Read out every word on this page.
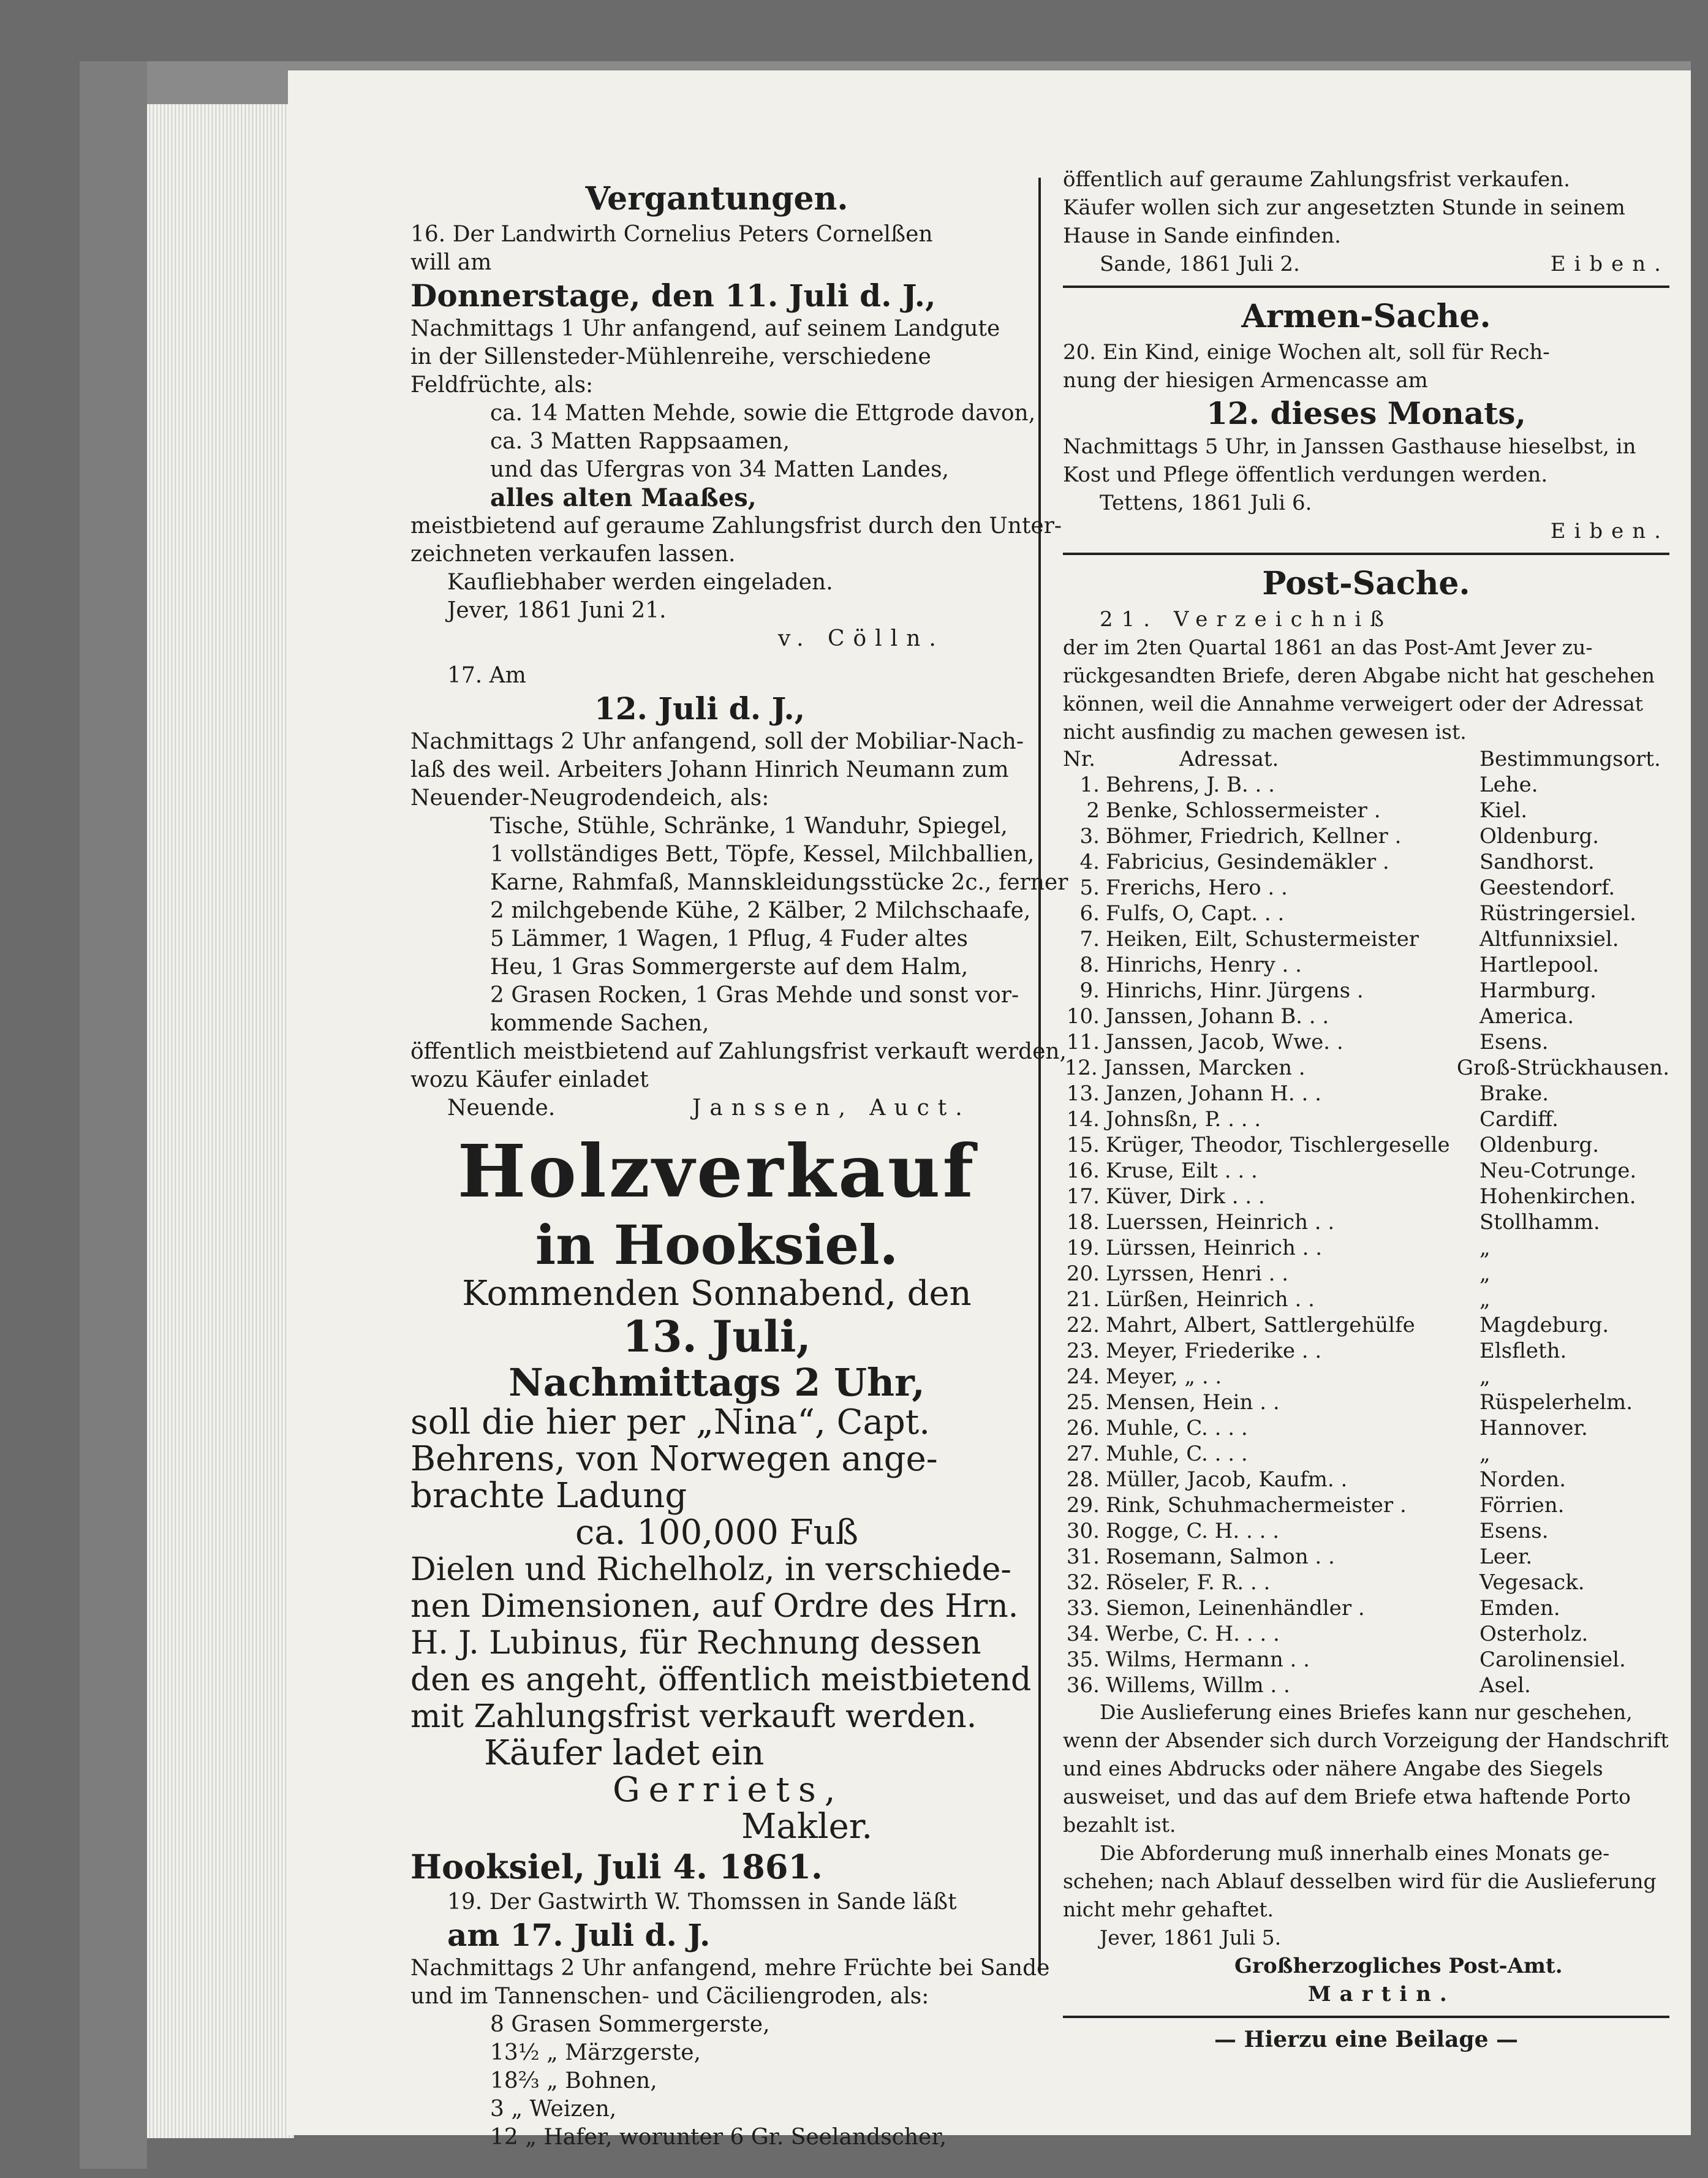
Vergantungen.

16. Der Landwirth Cornelius Peters Cornelßen

will am

Donnerstage, den 11. Juli d. J.,

Nachmittags 1 Uhr anfangend, auf seinem Landgute

in der Sillensteder-Mühlenreihe, verschiedene

Feldfrüchte, als:

ca. 14 Matten Mehde, sowie die Ettgrode davon,

ca. 3 Matten Rappsaamen,

und das Ufergras von 34 Matten Landes,

alles alten Maaßes,

meistbietend auf geraume Zahlungsfrist durch den Unter-

zeichneten verkaufen lassen.

Kaufliebhaber werden eingeladen.

Jever, 1861 Juni 21.

v. Cölln.

17. Am

12. Juli d. J.,

Nachmittags 2 Uhr anfangend, soll der Mobiliar-Nach-

laß des weil. Arbeiters Johann Hinrich Neumann zum

Neuender-Neugrodendeich, als:

Tische, Stühle, Schränke, 1 Wanduhr, Spiegel,

1 vollständiges Bett, Töpfe, Kessel, Milchballien,

Karne, Rahmfaß, Mannskleidungsstücke 2c., ferner

2 milchgebende Kühe, 2 Kälber, 2 Milchschaafe,

5 Lämmer, 1 Wagen, 1 Pflug, 4 Fuder altes

Heu, 1 Gras Sommergerste auf dem Halm,

2 Grasen Rocken, 1 Gras Mehde und sonst vor-

kommende Sachen,

öffentlich meistbietend auf Zahlungsfrist verkauft werden,

wozu Käufer einladet

Neuende.	Janssen, Auct.

Holzverkauf

in Hooksiel.

Kommenden Sonnabend, den

13. Juli,

Nachmittags 2 Uhr,

soll die hier per „Nina“, Capt.

Behrens, von Norwegen ange-

brachte Ladung

ca. 100,000 Fuß

Dielen und Richelholz, in verschiede-

nen Dimensionen, auf Ordre des Hrn.

H. J. Lubinus, für Rechnung dessen

den es angeht, öffentlich meistbietend

mit Zahlungsfrist verkauft werden.

Käufer ladet ein

Gerriets,

Makler.

Hooksiel, Juli 4. 1861.

19. Der Gastwirth W. Thomssen in Sande läßt

am 17. Juli d. J.

Nachmittags 2 Uhr anfangend, mehre Früchte bei Sande

und im Tannenschen- und Cäciliengroden, als:

8 Grasen Sommergerste,

13½ „ Märzgerste,

18⅔ „ Bohnen,

3 „ Weizen,

12 „ Hafer, worunter 6 Gr. Seelandscher,

öffentlich auf geraume Zahlungsfrist verkaufen.

Käufer wollen sich zur angesetzten Stunde in seinem

Hause in Sande einfinden.

Sande, 1861 Juli 2.	Eiben.

Armen-Sache.

20. Ein Kind, einige Wochen alt, soll für Rech-

nung der hiesigen Armencasse am

12. dieses Monats,

Nachmittags 5 Uhr, in Janssen Gasthause hieselbst, in

Kost und Pflege öffentlich verdungen werden.

Tettens, 1861 Juli 6.

Eiben.

Post-Sache.

21. Verzeichniß

der im 2ten Quartal 1861 an das Post-Amt Jever zu-

rückgesandten Briefe, deren Abgabe nicht hat geschehen

können, weil die Annahme verweigert oder der Adressat

nicht ausfindig zu machen gewesen ist.

Nr.	Adressat.	Bestimmungsort.
1. Behrens, J. B. . .	Lehe.
2 Benke, Schlossermeister .	Kiel.
3. Böhmer, Friedrich, Kellner .	Oldenburg.
4. Fabricius, Gesindemäkler .	Sandhorst.
5. Frerichs, Hero . .	Geestendorf.
6. Fulfs, O, Capt. . .	Rüstringersiel.
7. Heiken, Eilt, Schustermeister	Altfunnixsiel.
8. Hinrichs, Henry . .	Hartlepool.
9. Hinrichs, Hinr. Jürgens .	Harmburg.
10. Janssen, Johann B. . .	America.
11. Janssen, Jacob, Wwe. .	Esens.
12. Janssen, Marcken .	Groß-Strückhausen.
13. Janzen, Johann H. . .	Brake.
14. Johnsßn, P. . . .	Cardiff.
15. Krüger, Theodor, Tischlergeselle	Oldenburg.
16. Kruse, Eilt . . .	Neu-Cotrunge.
17. Küver, Dirk . . .	Hohenkirchen.
18. Luerssen, Heinrich . .	Stollhamm.
19. Lürssen, Heinrich . .	„
20. Lyrssen, Henri . .	„
21. Lürßen, Heinrich . .	„
22. Mahrt, Albert, Sattlergehülfe	Magdeburg.
23. Meyer, Friederike . .	Elsfleth.
24. Meyer, „ . .	„
25. Mensen, Hein . .	Rüspelerhelm.
26. Muhle, C. . . .	Hannover.
27. Muhle, C. . . .	„
28. Müller, Jacob, Kaufm. .	Norden.
29. Rink, Schuhmachermeister .	Förrien.
30. Rogge, C. H. . . .	Esens.
31. Rosemann, Salmon . .	Leer.
32. Röseler, F. R. . .	Vegesack.
33. Siemon, Leinenhändler .	Emden.
34. Werbe, C. H. . . .	Osterholz.
35. Wilms, Hermann . .	Carolinensiel.
36. Willems, Willm . .	Asel.

Die Auslieferung eines Briefes kann nur geschehen,

wenn der Absender sich durch Vorzeigung der Handschrift

und eines Abdrucks oder nähere Angabe des Siegels

ausweiset, und das auf dem Briefe etwa haftende Porto

bezahlt ist.

Die Abforderung muß innerhalb eines Monats ge-

schehen; nach Ablauf desselben wird für die Auslieferung

nicht mehr gehaftet.

Jever, 1861 Juli 5.

Großherzogliches Post-Amt.

Martin.

— Hierzu eine Beilage —
